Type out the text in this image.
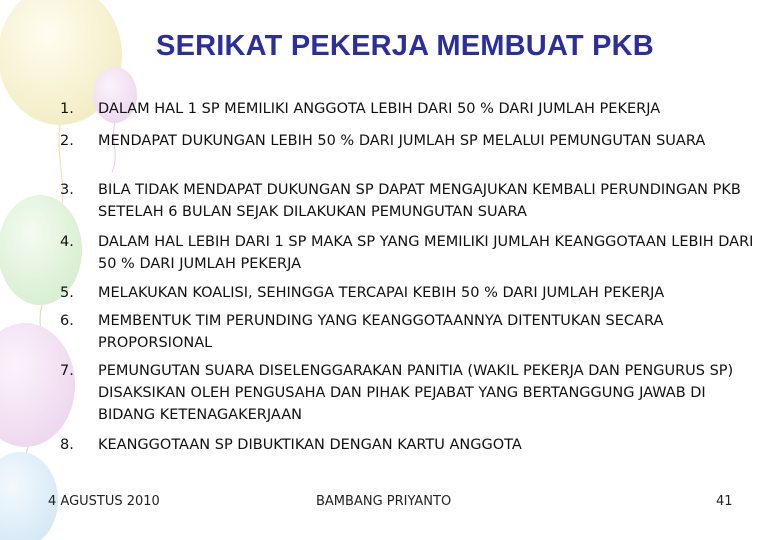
SERIKAT PEKERJA MEMBUAT PKB
1. DALAM HAL 1 SP MEMILIKI ANGGOTA LEBIH DARI 50 % DARI JUMLAH PEKERJA
2. MENDAPAT DUKUNGAN LEBIH 50 % DARI JUMLAH SP MELALUI PEMUNGUTAN SUARA
3. BILA TIDAK MENDAPAT DUKUNGAN SP DAPAT MENGAJUKAN KEMBALI PERUNDINGAN PKB SETELAH 6 BULAN SEJAK DILAKUKAN PEMUNGUTAN SUARA
4. DALAM HAL LEBIH DARI 1 SP MAKA SP YANG MEMILIKI JUMLAH KEANGGOTAAN LEBIH DARI 50 % DARI JUMLAH PEKERJA
5. MELAKUKAN KOALISI, SEHINGGA TERCAPAI KEBIH 50 % DARI JUMLAH PEKERJA
6. MEMBENTUK TIM PERUNDING YANG KEANGGOTAANNYA DITENTUKAN SECARA PROPORSIONAL
7. PEMUNGUTAN SUARA DISELENGGARAKAN PANITIA (WAKIL PEKERJA DAN PENGURUS SP) DISAKSIKAN OLEH PENGUSAHA DAN PIHAK PEJABAT YANG BERTANGGUNG JAWAB DI BIDANG KETENAGAKERJAAN
8. KEANGGOTAAN SP DIBUKTIKAN DENGAN KARTU ANGGOTA
4 AGUSTUS 2010	BAMBANG PRIYANTO	41
